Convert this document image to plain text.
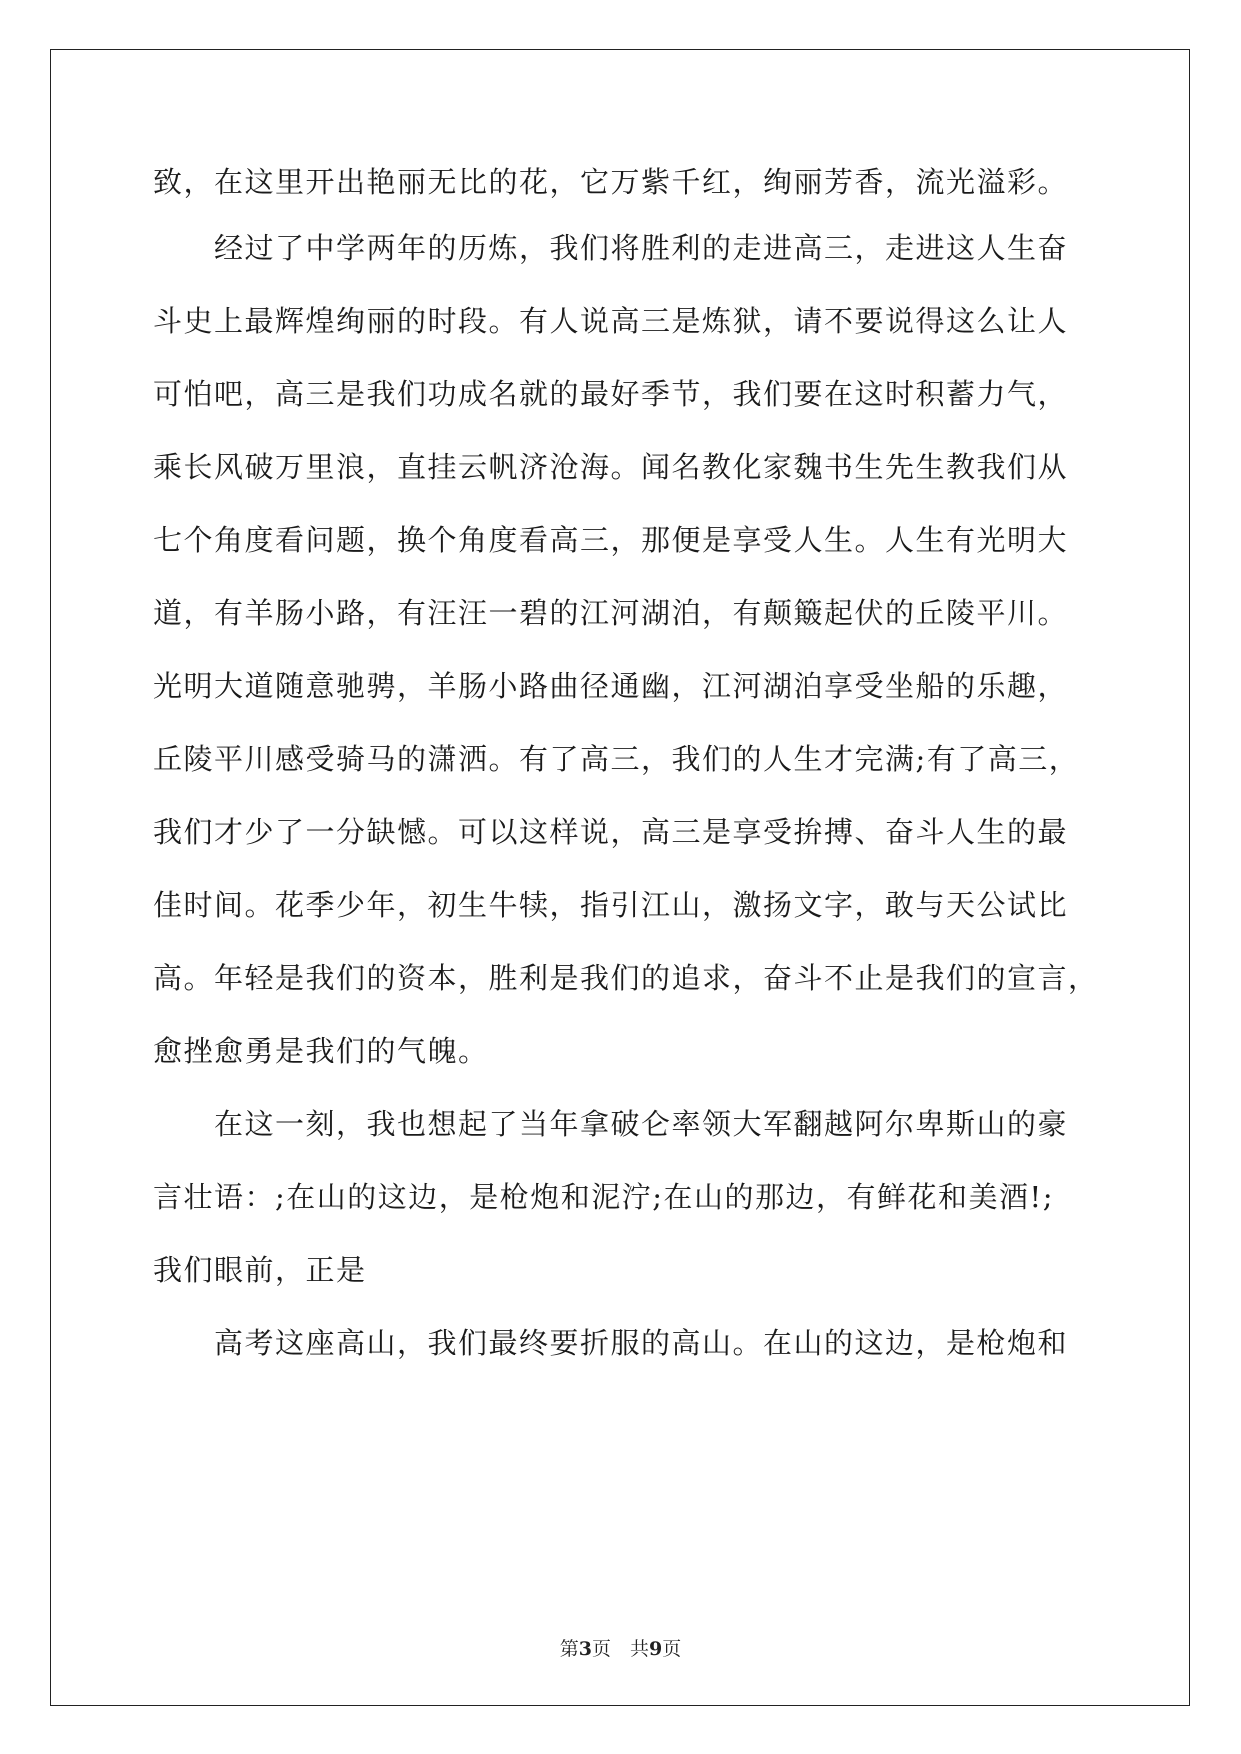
致，在这里开出艳丽无比的花，它万紫千红，绚丽芳香，流光溢彩。
　　经过了中学两年的历炼，我们将胜利的走进高三，走进这人生奋
斗史上最辉煌绚丽的时段。有人说高三是炼狱，请不要说得这么让人
可怕吧，高三是我们功成名就的最好季节，我们要在这时积蓄力气，
乘长风破万里浪，直挂云帆济沧海。闻名教化家魏书生先生教我们从
七个角度看问题，换个角度看高三，那便是享受人生。人生有光明大
道，有羊肠小路，有汪汪一碧的江河湖泊，有颠簸起伏的丘陵平川。
光明大道随意驰骋，羊肠小路曲径通幽，江河湖泊享受坐船的乐趣，
丘陵平川感受骑马的潇洒。有了高三，我们的人生才完满;有了高三，
我们才少了一分缺憾。可以这样说，高三是享受拚搏、奋斗人生的最
佳时间。花季少年，初生牛犊，指引江山，激扬文字，敢与天公试比
高。年轻是我们的资本，胜利是我们的追求，奋斗不止是我们的宣言，
愈挫愈勇是我们的气魄。
　　在这一刻，我也想起了当年拿破仑率领大军翻越阿尔卑斯山的豪
言壮语：;在山的这边，是枪炮和泥泞;在山的那边，有鲜花和美酒!;
我们眼前，正是
　　高考这座高山，我们最终要折服的高山。在山的这边，是枪炮和
第3页　共9页
